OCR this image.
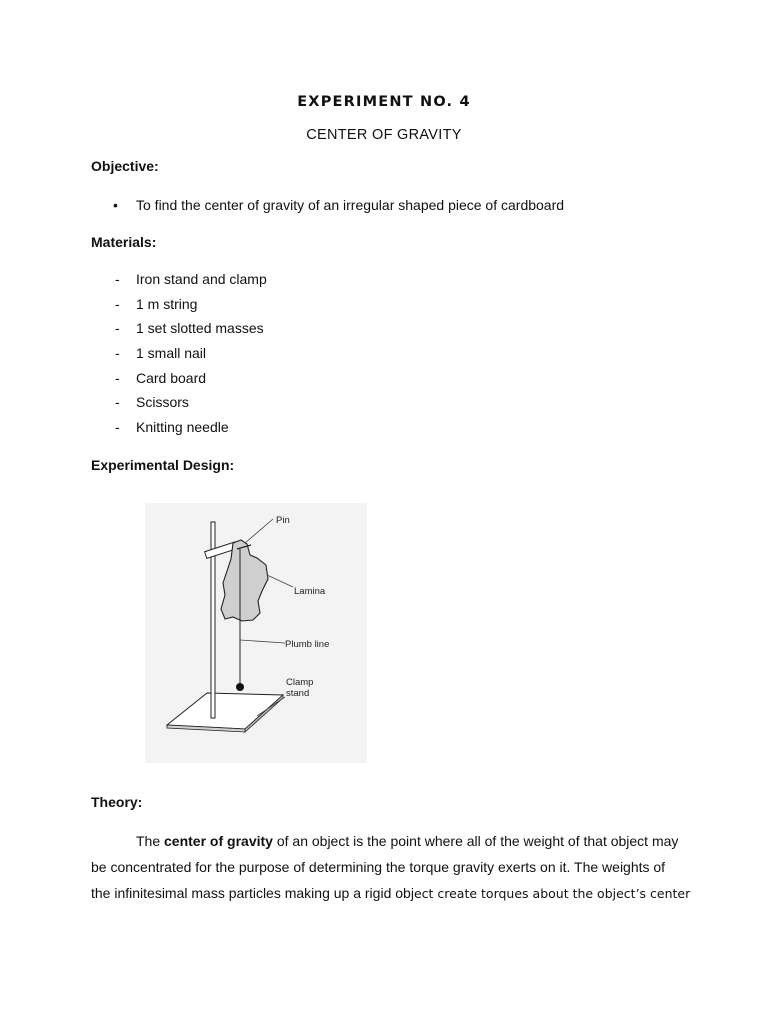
EXPERIMENT NO. 4
CENTER OF GRAVITY
Objective:
• To find the center of gravity of an irregular shaped piece of cardboard
Materials:
- Iron stand and clamp
- 1 m string
- 1 set slotted masses
- 1 small nail
- Card board
- Scissors
- Knitting needle
Experimental Design:
Pin
Lamina
Plumb line
Clamp
stand
Theory:
The center of gravity of an object is the point where all of the weight of that object may
be concentrated for the purpose of determining the torque gravity exerts on it. The weights of
the infinitesimal mass particles making up a rigid object create torques about the object’s center
